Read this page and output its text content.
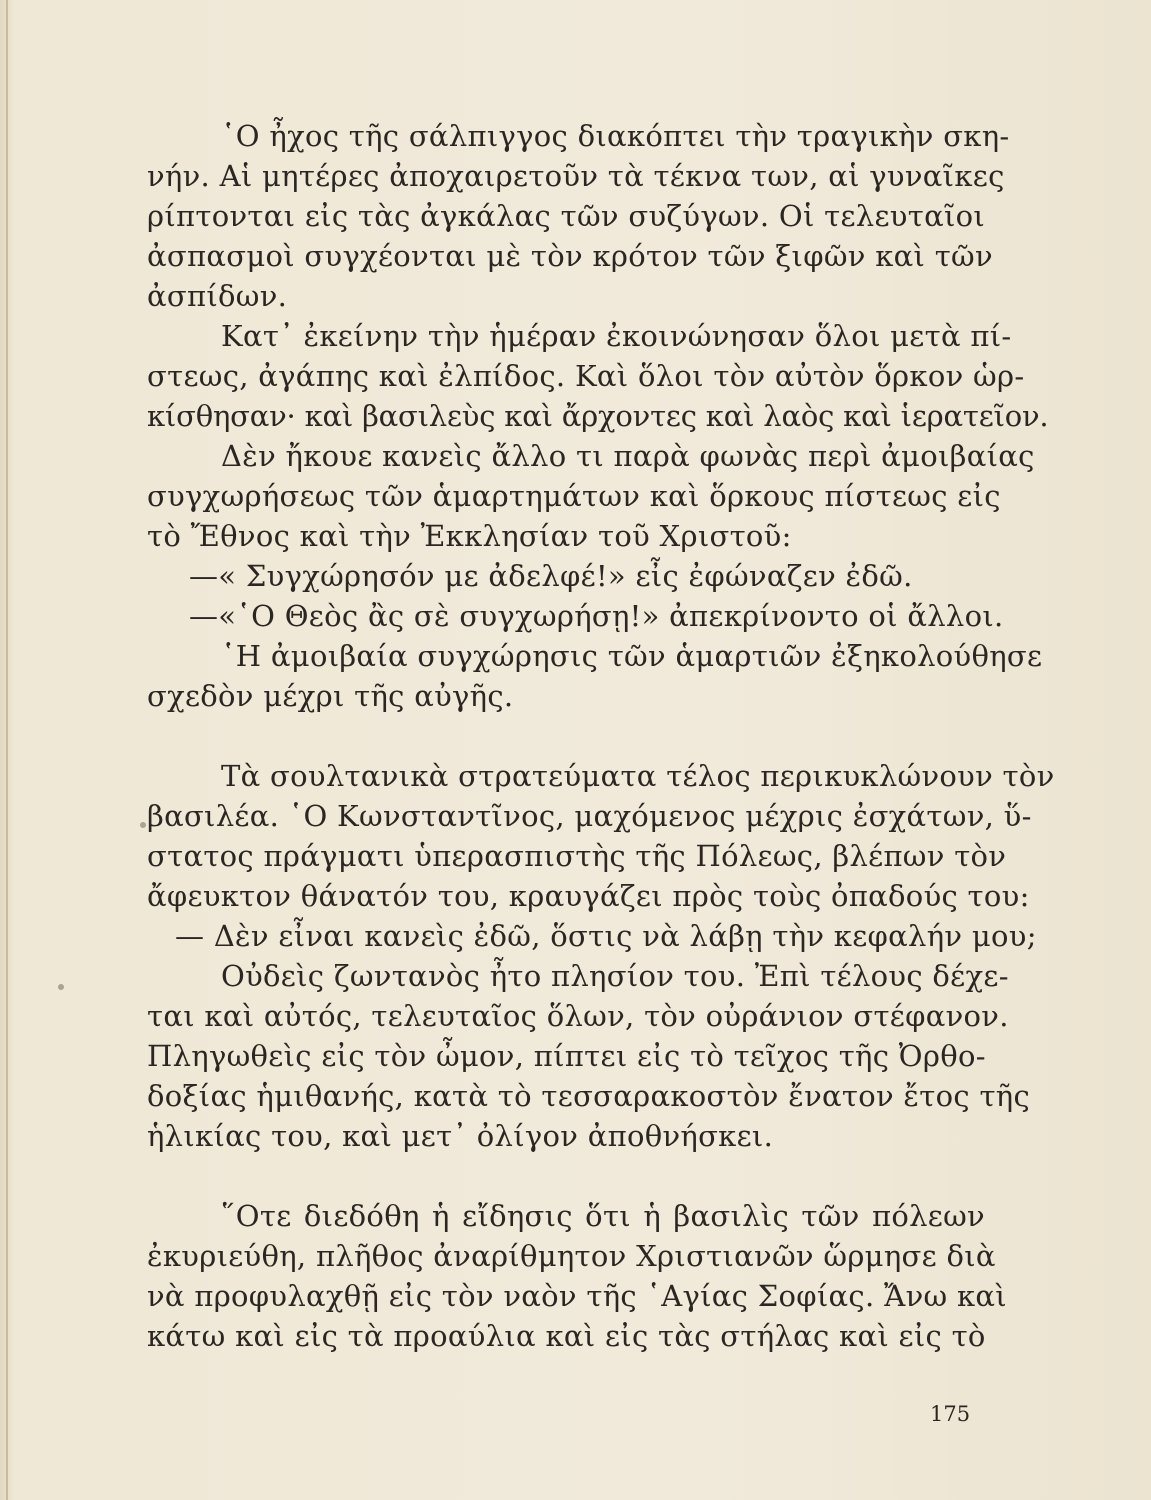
῾Ο ἦχος τῆς σάλπιγγος διακόπτει τὴν τραγικὴν σκη-
νήν. Αἱ μητέρες ἀποχαιρετοῦν τὰ τέκνα των, αἱ γυναῖκες
ρίπτονται εἰς τὰς ἀγκάλας τῶν συζύγων. Οἱ τελευταῖοι
ἀσπασμοὶ συγχέονται μὲ τὸν κρότον τῶν ξιφῶν καὶ τῶν
ἀσπίδων.
Κατ᾽ ἐκείνην τὴν ἡμέραν ἐκοινώνησαν ὅλοι μετὰ πί-
στεως, ἀγάπης καὶ ἐλπίδος. Καὶ ὅλοι τὸν αὐτὸν ὅρκον ὡρ-
κίσθησαν· καὶ βασιλεὺς καὶ ἄρχοντες καὶ λαὸς καὶ ἱερατεῖον.
Δὲν ἤκουε κανεὶς ἄλλο τι παρὰ φωνὰς περὶ ἀμοιβαίας
συγχωρήσεως τῶν ἁμαρτημάτων καὶ ὅρκους πίστεως εἰς
τὸ Ἔθνος καὶ τὴν Ἐκκλησίαν τοῦ Χριστοῦ:
—« Συγχώρησόν με ἀδελφέ!» εἶς ἐφώναζεν ἐδῶ.
—«῾Ο Θεὸς ἂς σὲ συγχωρήσῃ!» ἀπεκρίνοντο οἱ ἄλλοι.
῾Η ἀμοιβαία συγχώρησις τῶν ἁμαρτιῶν ἐξηκολούθησε
σχεδὸν μέχρι τῆς αὐγῆς.
Τὰ σουλτανικὰ στρατεύματα τέλος περικυκλώνουν τὸν
βασιλέα. ῾Ο Κωνσταντῖνος, μαχόμενος μέχρις ἐσχάτων, ὕ-
στατος πράγματι ὑπερασπιστὴς τῆς Πόλεως, βλέπων τὸν
ἄφευκτον θάνατόν του, κραυγάζει πρὸς τοὺς ὀπαδούς του:
— Δὲν εἶναι κανεὶς ἐδῶ, ὅστις νὰ λάβῃ τὴν κεφαλήν μου;
Οὐδεὶς ζωντανὸς ἦτο πλησίον του. Ἐπὶ τέλους δέχε-
ται καὶ αὐτός, τελευταῖος ὅλων, τὸν οὐράνιον στέφανον.
Πληγωθεὶς εἰς τὸν ὦμον, πίπτει εἰς τὸ τεῖχος τῆς Ὀρθο-
δοξίας ἡμιθανής, κατὰ τὸ τεσσαρακοστὸν ἔνατον ἔτος τῆς
ἡλικίας του, καὶ μετ᾽ ὀλίγον ἀποθνήσκει.
῞Οτε διεδόθη ἡ εἴδησις ὅτι ἡ βασιλὶς τῶν πόλεων
ἐκυριεύθη, πλῆθος ἀναρίθμητον Χριστιανῶν ὥρμησε διὰ
νὰ προφυλαχθῇ εἰς τὸν ναὸν τῆς ῾Αγίας Σοφίας. Ἄνω καὶ
κάτω καὶ εἰς τὰ προαύλια καὶ εἰς τὰς στήλας καὶ εἰς τὸ
175
